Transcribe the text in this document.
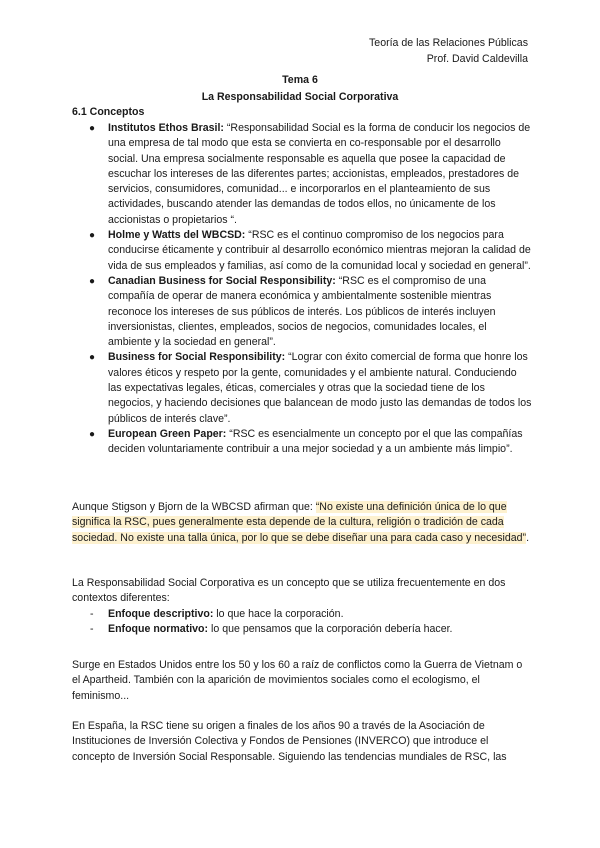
Teoría de las Relaciones Públicas
Prof. David Caldevilla
Tema 6
La Responsabilidad Social Corporativa
6.1 Conceptos
● Institutos Ethos Brasil: “Responsabilidad Social es la forma de conducir los negocios de una empresa de tal modo que esta se convierta en co-responsable por el desarrollo social. Una empresa socialmente responsable es aquella que posee la capacidad de escuchar los intereses de las diferentes partes; accionistas, empleados, prestadores de servicios, consumidores, comunidad... e incorporarlos en el planteamiento de sus actividades, buscando atender las demandas de todos ellos, no únicamente de los accionistas o propietarios “.
● Holme y Watts del WBCSD: “RSC es el continuo compromiso de los negocios para conducirse éticamente y contribuir al desarrollo económico mientras mejoran la calidad de vida de sus empleados y familias, así como de la comunidad local y sociedad en general”.
● Canadian Business for Social Responsibility: “RSC es el compromiso de una compañía de operar de manera económica y ambientalmente sostenible mientras reconoce los intereses de sus públicos de interés. Los públicos de interés incluyen inversionistas, clientes, empleados, socios de negocios, comunidades locales, el ambiente y la sociedad en general”.
● Business for Social Responsibility: “Lograr con éxito comercial de forma que honre los valores éticos y respeto por la gente, comunidades y el ambiente natural. Conduciendo las expectativas legales, éticas, comerciales y otras que la sociedad tiene de los negocios, y haciendo decisiones que balancean de modo justo las demandas de todos los públicos de interés clave”.
● European Green Paper: “RSC es esencialmente un concepto por el que las compañías deciden voluntariamente contribuir a una mejor sociedad y a un ambiente más limpio”.

Aunque Stigson y Bjorn de la WBCSD afirman que: “No existe una definición única de lo que significa la RSC, pues generalmente esta depende de la cultura, religión o tradición de cada sociedad. No existe una talla única, por lo que se debe diseñar una para cada caso y necesidad”.

La Responsabilidad Social Corporativa es un concepto que se utiliza frecuentemente en dos contextos diferentes:

- Enfoque descriptivo: lo que hace la corporación.
- Enfoque normativo: lo que pensamos que la corporación debería hacer.

Surge en Estados Unidos entre los 50 y los 60 a raíz de conflictos como la Guerra de Vietnam o el Apartheid. También con la aparición de movimientos sociales como el ecologismo, el feminismo...

En España, la RSC tiene su origen a finales de los años 90 a través de la Asociación de Instituciones de Inversión Colectiva y Fondos de Pensiones (INVERCO) que introduce el concepto de Inversión Social Responsable. Siguiendo las tendencias mundiales de RSC, las
